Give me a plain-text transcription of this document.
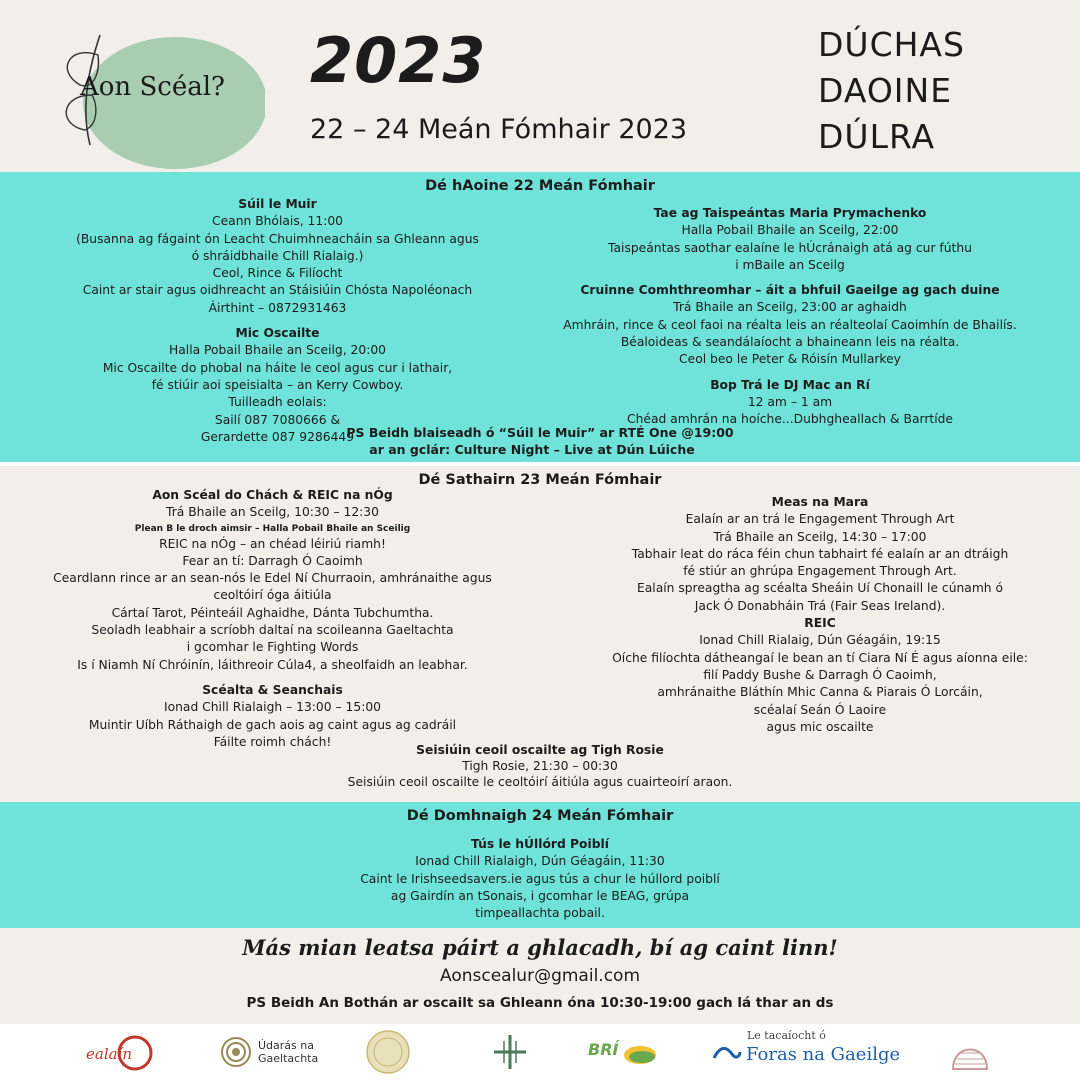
Aon Scéal? 2023
22 – 24 Meán Fómhair 2023
DÚCHAS
DAOINE
DÚLRA
Dé hAoine 22 Meán Fómhair
Súil le Muir
Ceann Bhólais, 11:00
(Busanna ag fágaint ón Leacht Chuimhneacháin sa Ghleann agus
ó shráidbhaile Chill Rialaig.)
Ceol, Rince & Filíocht
Caint ar stair agus oidhreacht an Stáisiúin Chósta Napoléonach
Áirthint – 0872931463
Mic Oscailte
Halla Pobail Bhaile an Sceilg, 20:00
Mic Oscailte do phobal na háite le ceol agus cur i lathair,
fé stiúir aoi speisialta – an Kerry Cowboy.
Tuilleadh eolais:
Sailí 087 7080666 &
Gerardette 087 9286449
Tae ag Taispeántas Maria Prymachenko
Halla Pobail Bhaile an Sceilg, 22:00
Taispeántas saothar ealaíne le hÚcránaigh atá ag cur fúthu
i mBaile an Sceilg
Cruinne Comhthreomhar – áit a bhfuil Gaeilge ag gach duine
Trá Bhaile an Sceilg, 23:00 ar aghaidh
Amhráin, rince & ceol faoi na réalta leis an réalteolaí Caoimhín de Bhailís.
Béaloideas & seandálaíocht a bhaineann leis na réalta.
Ceol beo le Peter & Róisín Mullarkey
Bop Trá le DJ Mac an Rí
12 am – 1 am
Chéad amhrán na hoíche...Dubhgheallach & Barrtíde
PS Beidh blaiseadh ó “Súil le Muir” ar RTÉ One @19:00
ar an gclár: Culture Night – Live at Dún Lúiche
Dé Sathairn 23 Meán Fómhair
Aon Scéal do Chách & REIC na nÓg
Trá Bhaile an Sceilg, 10:30 – 12:30
Plean B le droch aimsir – Halla Pobail Bhaile an Sceilig
REIC na nÓg – an chéad léiriú riamh!
Fear an tí: Darragh Ó Caoimh
Ceardlann rince ar an sean-nós le Edel Ní Churraoin, amhránaithe agus
ceoltóirí óga áitiúla
Cártaí Tarot, Péinteáil Aghaidhe, Dánta Tubchumtha.
Seoladh leabhair a scríobh daltaí na scoileanna Gaeltachta
i gcomhar le Fighting Words
Is í Niamh Ní Chróinín, láithreoir Cúla4, a sheolfaidh an leabhar.
Scéalta & Seanchais
Ionad Chill Rialaigh – 13:00 – 15:00
Muintir Uíbh Ráthaigh de gach aois ag caint agus ag cadráil
Fáilte roimh chách!
Meas na Mara
Ealaín ar an trá le Engagement Through Art
Trá Bhaile an Sceilg, 14:30 – 17:00
Tabhair leat do ráca féin chun tabhairt fé ealaín ar an dtráigh
fé stiúr an ghrúpa Engagement Through Art.
Ealaín spreagtha ag scéalta Sheáin Uí Chonaill le cúnamh ó
Jack Ó Donabháin Trá (Fair Seas Ireland).
REIC
Ionad Chill Rialaig, Dún Géagáin, 19:15
Oíche filíochta dátheangaí le bean an tí Ciara Ní É agus aíonna eile:
filí Paddy Bushe & Darragh Ó Caoimh,
amhránaithe Bláthín Mhic Canna & Piarais Ó Lorcáin,
scéalaí Seán Ó Laoire
agus mic oscailte
Seisiúin ceoil oscailte ag Tigh Rosie
Tigh Rosie, 21:30 – 00:30
Seisiúin ceoil oscailte le ceoltóirí áitiúla agus cuairteoirí araon.
Dé Domhnaigh 24 Meán Fómhair
Tús le hÚllórd Poiblí
Ionad Chill Rialaigh, Dún Géagáin, 11:30
Caint le Irishseedsavers.ie agus tús a chur le húllord poiblí
ag Gairdín an tSonais, i gcomhar le BEAG, grúpa
timpeallachta pobail.
Más mian leatsa páirt a ghlacadh, bí ag caint linn!
Aonscealur@gmail.com
PS Beidh An Bothán ar oscailt sa Ghleann óna 10:30-19:00 gach lá thar an ds
ealaín	Údarás na
Gaeltachta	BRÍ
Le tacaíocht ó
Foras na Gaeilge
